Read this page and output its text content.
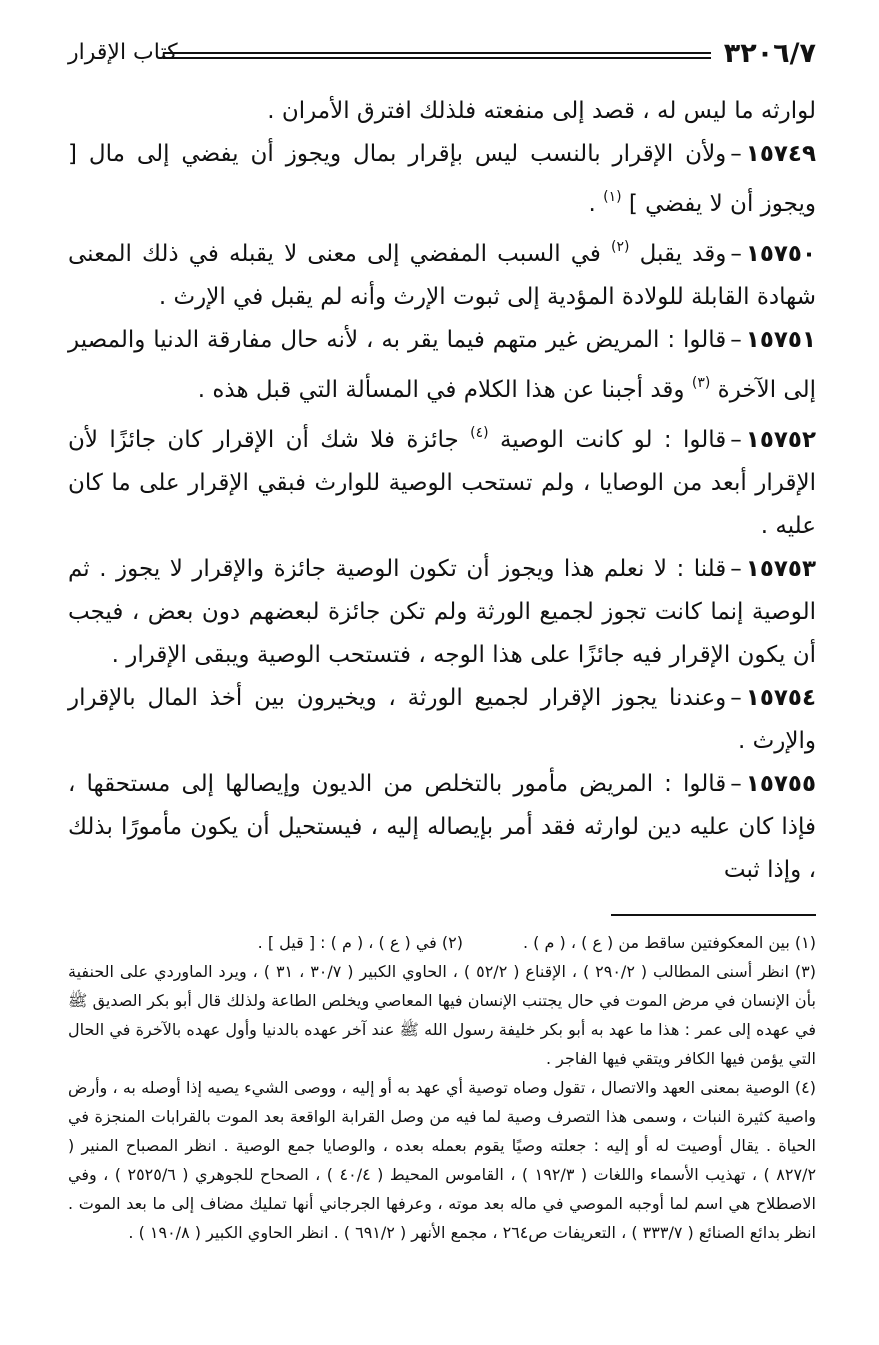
٣٢٠٦/٧
كتاب الإقرار

لوارثه ما ليس له ، قصد إلى منفعته فلذلك افترق الأمران .

١٥٧٤٩–ولأن الإقرار بالنسب ليس بإقرار بمال ويجوز أن يفضي إلى مال [ ويجوز أن لا يفضي ] $^{(١)}$ .

١٥٧٥٠–وقد يقبل $^{(٢)}$ في السبب المفضي إلى معنى لا يقبله في ذلك المعنى شهادة القابلة للولادة المؤدية إلى ثبوت الإرث وأنه لم يقبل في الإرث .

١٥٧٥١–قالوا : المريض غير متهم فيما يقر به ، لأنه حال مفارقة الدنيا والمصير إلى الآخرة $^{(٣)}$ وقد أجبنا عن هذا الكلام في المسألة التي قبل هذه .

١٥٧٥٢–قالوا : لو كانت الوصية $^{(٤)}$ جائزة فلا شك أن الإقرار كان جائزًا لأن الإقرار أبعد من الوصايا ، ولم تستحب الوصية للوارث فبقي الإقرار على ما كان عليه .

١٥٧٥٣–قلنا : لا نعلم هذا ويجوز أن تكون الوصية جائزة والإقرار لا يجوز . ثم الوصية إنما كانت تجوز لجميع الورثة ولم تكن جائزة لبعضهم دون بعض ، فيجب أن يكون الإقرار فيه جائزًا على هذا الوجه ، فتستحب الوصية ويبقى الإقرار .

١٥٧٥٤–وعندنا يجوز الإقرار لجميع الورثة ، ويخيرون بين أخذ المال بالإقرار والإرث .

١٥٧٥٥–قالوا : المريض مأمور بالتخلص من الديون وإيصالها إلى مستحقها ، فإذا كان عليه دين لوارثه فقد أمر بإيصاله إليه ، فيستحيل أن يكون مأمورًا بذلك ، وإذا ثبت

(١) بين المعكوفتين ساقط من ( ع ) ، ( م ) .
(٢) في ( ع ) ، ( م ) : [ قيل ] .

(٣) انظر أسنى المطالب ( ٢٩٠/٢ ) ، الإقناع ( ٥٢/٢ ) ، الحاوي الكبير ( ٣٠/٧ ، ٣١ ) ، ويرد الماوردي على الحنفية بأن الإنسان في مرض الموت في حال يجتنب الإنسان فيها المعاصي ويخلص الطاعة ولذلك قال أبو بكر الصديق ﷺ في عهده إلى عمر : هذا ما عهد به أبو بكر خليفة رسول الله ﷺ عند آخر عهده بالدنيا وأول عهده بالآخرة في الحال التي يؤمن فيها الكافر ويتقي فيها الفاجر .

(٤) الوصية بمعنى العهد والاتصال ، تقول وصاه توصية أي عهد به أو إليه ، ووصى الشيء يصيه إذا أوصله به ، وأرض واصية كثيرة النبات ، وسمى هذا التصرف وصية لما فيه من وصل القرابة الواقعة بعد الموت بالقرابات المنجزة في الحياة . يقال أوصيت له أو إليه : جعلته وصيًا يقوم بعمله بعده ، والوصايا جمع الوصية . انظر المصباح المنير ( ٨٢٧/٢ ) ، تهذيب الأسماء واللغات ( ١٩٢/٣ ) ، القاموس المحيط ( ٤٠/٤ ) ، الصحاح للجوهري ( ٢٥٢٥/٦ ) ، وفي الاصطلاح هي اسم لما أوجبه الموصي في ماله بعد موته ، وعرفها الجرجاني أنها تمليك مضاف إلى ما بعد الموت . انظر بدائع الصنائع ( ٣٣٣/٧ ) ، التعريفات ص٢٦٤ ، مجمع الأنهر ( ٦٩١/٢ ) . انظر الحاوي الكبير ( ١٩٠/٨ ) .
